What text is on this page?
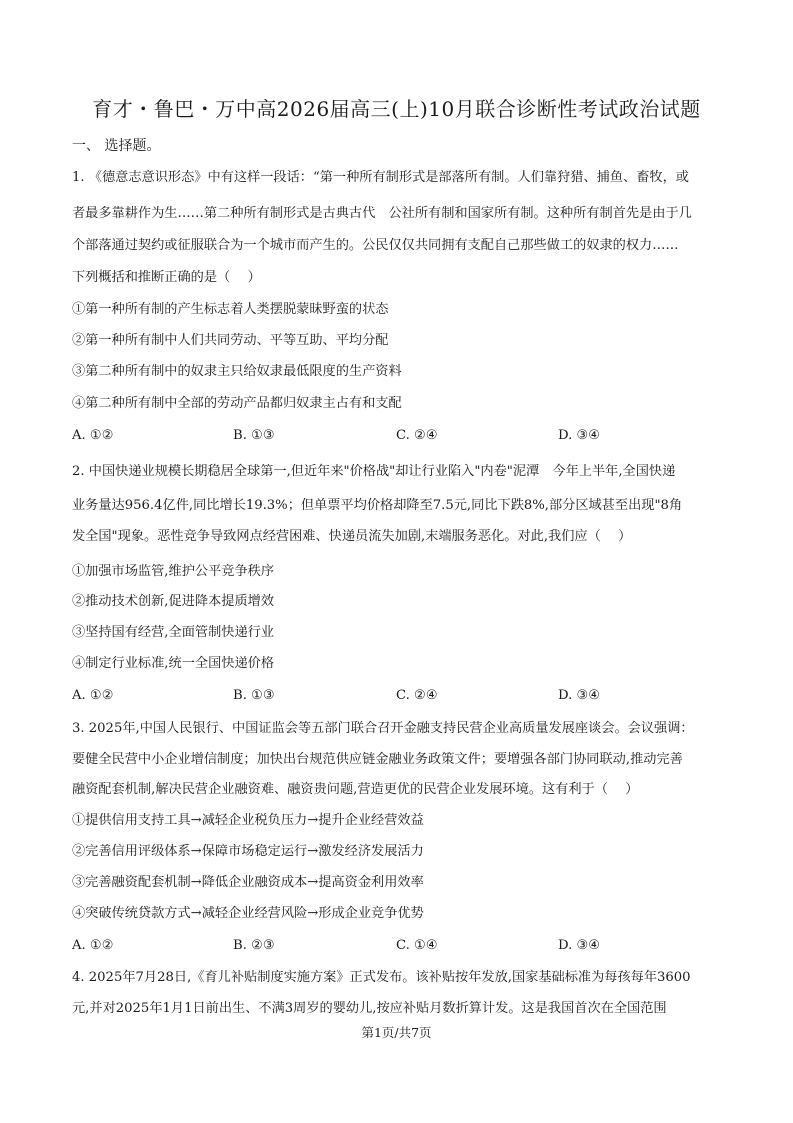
育才・鲁巴・万中高2026届高三(上)10月联合诊断性考试政治试题
一、 选择题。
1. 《德意志意识形态》中有这样一段话：“第一种所有制形式是部落所有制。人们靠狩猎、捕鱼、畜牧，或
者最多靠耕作为生……第二种所有制形式是古典古代　公社所有制和国家所有制。这种所有制首先是由于几
个部落通过契约或征服联合为一个城市而产生的。公民仅仅共同拥有支配自己那些做工的奴隶的权力……
下列概括和推断正确的是（　 ）
①第一种所有制的产生标志着人类摆脱蒙昧野蛮的状态
②第一种所有制中人们共同劳动、平等互助、平均分配
③第二种所有制中的奴隶主只给奴隶最低限度的生产资料
④第二种所有制中全部的劳动产品都归奴隶主占有和支配
A. ①②	B. ①③	C. ②④	D. ③④
2. 中国快递业规模长期稳居全球第一,但近年来"价格战"却让行业陷入"内卷"泥潭　今年上半年,全国快递
业务量达956.4亿件,同比增长19.3%；但单票平均价格却降至7.5元,同比下跌8%,部分区域甚至出现"8角
发全国"现象。恶性竞争导致网点经营困难、快递员流失加剧,末端服务恶化。对此,我们应（　 ）
①加强市场监管,维护公平竞争秩序
②推动技术创新,促进降本提质增效
③坚持国有经营,全面管制快递行业
④制定行业标准,统一全国快递价格
A. ①②	B. ①③	C. ②④	D. ③④
3. 2025年,中国人民银行、中国证监会等五部门联合召开金融支持民营企业高质量发展座谈会。会议强调：
要健全民营中小企业增信制度；加快出台规范供应链金融业务政策文件；要增强各部门协同联动,推动完善
融资配套机制,解决民营企业融资难、融资贵问题,营造更优的民营企业发展环境。这有利于（　 ）
①提供信用支持工具→减轻企业税负压力→提升企业经营效益
②完善信用评级体系→保障市场稳定运行→激发经济发展活力
③完善融资配套机制→降低企业融资成本→提高资金利用效率
④突破传统贷款方式→减轻企业经营风险→形成企业竞争优势
A. ①②	B. ②③	C. ①④	D. ③④
4. 2025年7月28日,《育儿补贴制度实施方案》正式发布。该补贴按年发放,国家基础标准为每孩每年3600
元,并对2025年1月1日前出生、不满3周岁的婴幼儿,按应补贴月数折算计发。这是我国首次在全国范围
第1页/共7页
